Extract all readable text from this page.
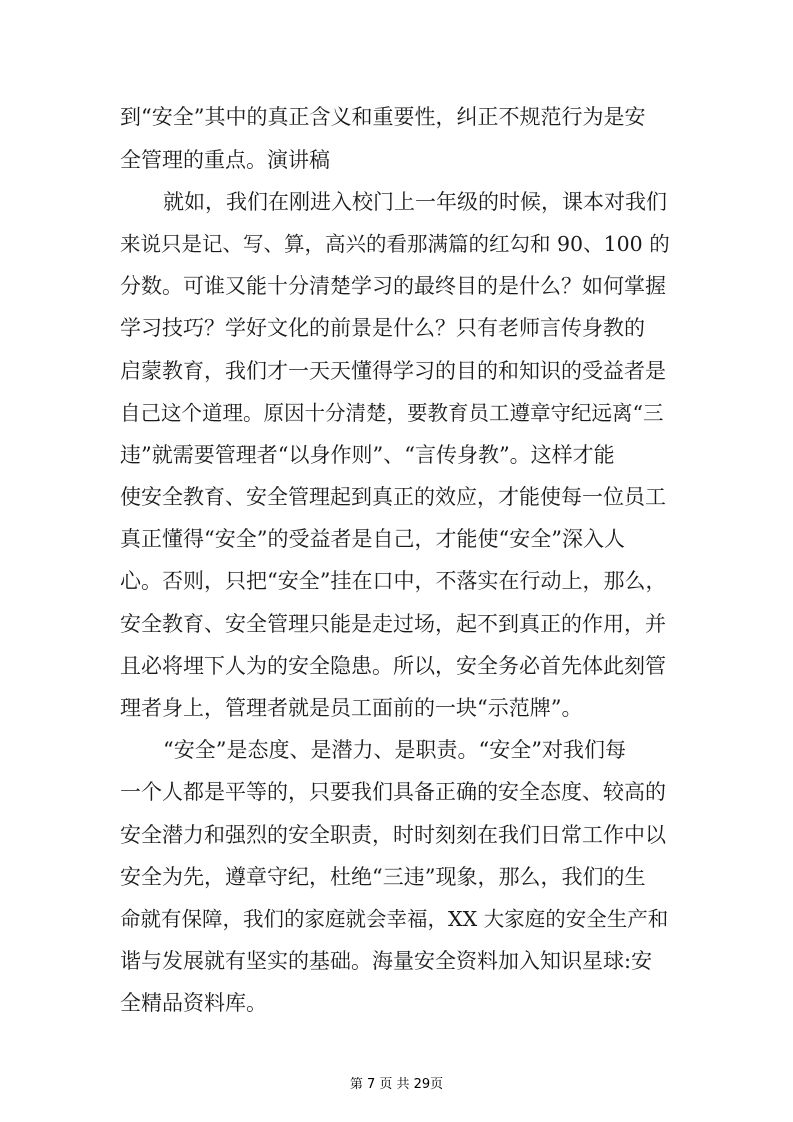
到“安全”其中的真正含义和重要性，纠正不规范行为是安
全管理的重点。演讲稿
就如，我们在刚进入校门上一年级的时候，课本对我们
来说只是记、写、算，高兴的看那满篇的红勾和 90、100 的
分数。可谁又能十分清楚学习的最终目的是什么？如何掌握
学习技巧？学好文化的前景是什么？只有老师言传身教的
启蒙教育，我们才一天天懂得学习的目的和知识的受益者是
自己这个道理。原因十分清楚，要教育员工遵章守纪远离“三
违”就需要管理者“以身作则”、“言传身教”。这样才能
使安全教育、安全管理起到真正的效应，才能使每一位员工
真正懂得“安全”的受益者是自己，才能使“安全”深入人
心。否则，只把“安全”挂在口中，不落实在行动上，那么，
安全教育、安全管理只能是走过场，起不到真正的作用，并
且必将埋下人为的安全隐患。所以，安全务必首先体此刻管
理者身上，管理者就是员工面前的一块“示范牌”。
“安全”是态度、是潜力、是职责。“安全”对我们每
一个人都是平等的，只要我们具备正确的安全态度、较高的
安全潜力和强烈的安全职责，时时刻刻在我们日常工作中以
安全为先，遵章守纪，杜绝“三违”现象，那么，我们的生
命就有保障，我们的家庭就会幸福，XX 大家庭的安全生产和
谐与发展就有坚实的基础。海量安全资料加入知识星球:安
全精品资料库。
第 7 页 共 29页
